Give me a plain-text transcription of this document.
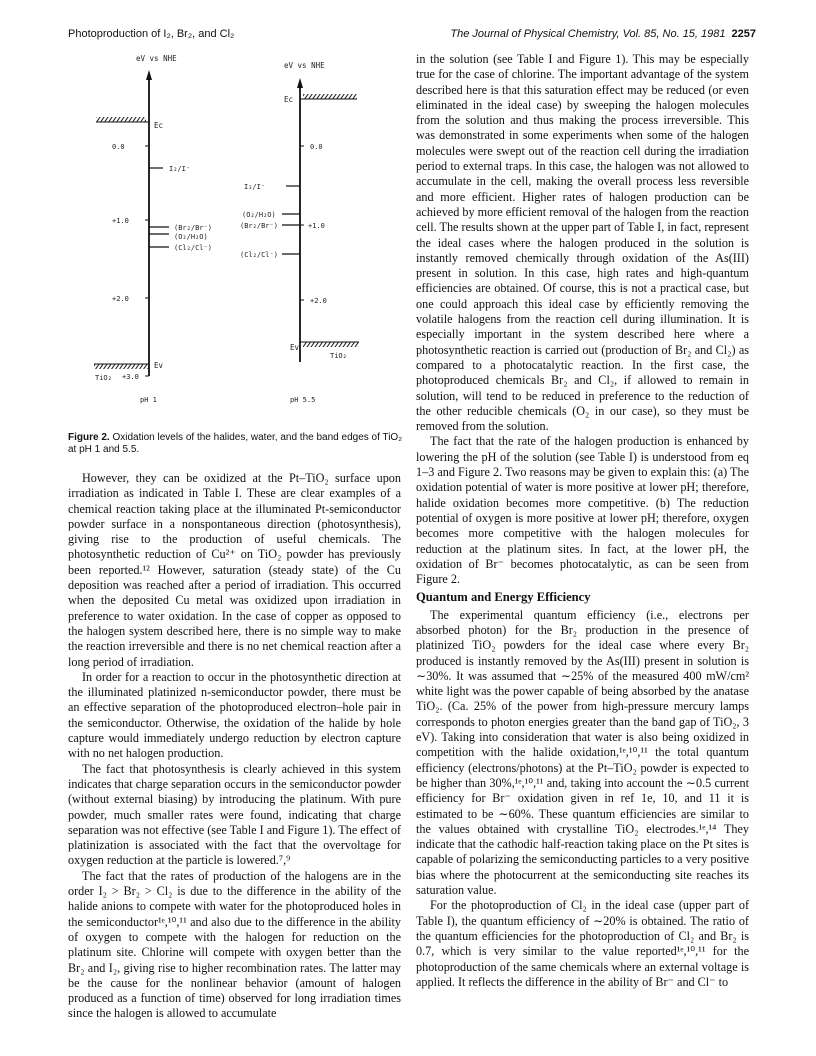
Photoproduction of I₂, Br₂, and Cl₂	The Journal of Physical Chemistry, Vol. 85, No. 15, 1981 2257
eV vs NHE
Ec
0.0
I₂/I⁻
+1.0
(Br₂/Br⁻)
(O₂/H₂O)
(Cl₂/Cl⁻)
+2.0
Ev
TiO₂ +3.0
pH 1
eV vs NHE
Ec
0.0
I₂/I⁻
(O₂/H₂O)
(Br₂/Br⁻)	+1.0
(Cl₂/Cl⁻)
+2.0
Ev
TiO₂
pH 5.5
Figure 2. Oxidation levels of the halides, water, and the band edges of TiO₂ at pH 1 and 5.5.

However, they can be oxidized at the Pt–TiO₂ surface upon irradiation as indicated in Table I. These are clear examples of a chemical reaction taking place at the illuminated Pt-semiconductor powder surface in a nonspontaneous direction (photosynthesis), giving rise to the production of useful chemicals. The photosynthetic reduction of Cu²⁺ on TiO₂ powder has previously been reported.¹² However, saturation (steady state) of the Cu deposition was reached after a period of irradiation. This occurred when the deposited Cu metal was oxidized upon irradiation in preference to water oxidation. In the case of copper as opposed to the halogen system described here, there is no simple way to make the reaction irreversible and there is no net chemical reaction after a long period of irradiation.

In order for a reaction to occur in the photosynthetic direction at the illuminated platinized n-semiconductor powder, there must be an effective separation of the photoproduced electron–hole pair in the semiconductor. Otherwise, the oxidation of the halide by hole capture would immediately undergo reduction by electron capture with no net halogen production.

The fact that photosynthesis is clearly achieved in this system indicates that charge separation occurs in the semiconductor powder (without external biasing) by introducing the platinum. With pure powder, much smaller rates were found, indicating that charge separation was not effective (see Table I and Figure 1). The effect of platinization is associated with the fact that the overvoltage for oxygen reduction at the particle is lowered.⁷,⁹

The fact that the rates of production of the halogens are in the order I₂ > Br₂ > Cl₂ is due to the difference in the ability of the halide anions to compete with water for the photoproduced holes in the semiconductor¹ᵉ,¹⁰,¹¹ and also due to the difference in the ability of oxygen to compete with the halogen for reduction on the platinum site. Chlorine will compete with oxygen better than the Br₂ and I₂, giving rise to higher recombination rates. The latter may be the cause for the nonlinear behavior (amount of halogen produced as a function of time) observed for long irradiation times since the halogen is allowed to accumulate

in the solution (see Table I and Figure 1). This may be especially true for the case of chlorine. The important advantage of the system described here is that this saturation effect may be reduced (or even eliminated in the ideal case) by sweeping the halogen molecules from the solution and thus making the process irreversible. This was demonstrated in some experiments when some of the halogen molecules were swept out of the reaction cell during the irradiation period to external traps. In this case, the halogen was not allowed to accumulate in the cell, making the overall process less reversible and more efficient. Higher rates of halogen production can be achieved by more efficient removal of the halogen from the reaction cell. The results shown at the upper part of Table I, in fact, represent the ideal cases where the halogen produced in the solution is instantly removed chemically through oxidation of the As(III) present in solution. In this case, high rates and high-quantum efficiencies are obtained. Of course, this is not a practical case, but one could approach this ideal case by efficiently removing the volatile halogens from the reaction cell during illumination. It is especially important in the system described here where a photosynthetic reaction is carried out (production of Br₂ and Cl₂) as compared to a photocatalytic reaction. In the first case, the photoproduced chemicals Br₂ and Cl₂, if allowed to remain in solution, will tend to be reduced in preference to the reduction of the other reducible chemicals (O₂ in our case), so they must be removed from the solution.

The fact that the rate of the halogen production is enhanced by lowering the pH of the solution (see Table I) is understood from eq 1–3 and Figure 2. Two reasons may be given to explain this: (a) The oxidation potential of water is more positive at lower pH; therefore, halide oxidation becomes more competitive. (b) The reduction potential of oxygen is more positive at lower pH; therefore, oxygen becomes more competitive with the halogen molecules for reduction at the platinum sites. In fact, at the lower pH, the oxidation of Br⁻ becomes photocatalytic, as can be seen from Figure 2.

Quantum and Energy Efficiency

The experimental quantum efficiency (i.e., electrons per absorbed photon) for the Br₂ production in the presence of platinized TiO₂ powders for the ideal case where every Br₂ produced is instantly removed by the As(III) present in solution is ∼30%. It was assumed that ∼25% of the measured 400 mW/cm² white light was the power capable of being absorbed by the anatase TiO₂. (Ca. 25% of the power from high-pressure mercury lamps corresponds to photon energies greater than the band gap of TiO₂, 3 eV). Taking into consideration that water is also being oxidized in competition with the halide oxidation,¹ᵉ,¹⁰,¹¹ the total quantum efficiency (electrons/photons) at the Pt–TiO₂ powder is expected to be higher than 30%,¹ᵉ,¹⁰,¹¹ and, taking into account the ∼0.5 current efficiency for Br⁻ oxidation given in ref 1e, 10, and 11 it is estimated to be ∼60%. These quantum efficiencies are similar to the values obtained with crystalline TiO₂ electrodes.¹ᵉ,¹⁴ They indicate that the cathodic half-reaction taking place on the Pt sites is capable of polarizing the semiconducting particles to a very positive bias where the photocurrent at the semiconducting site reaches its saturation value.

For the photoproduction of Cl₂ in the ideal case (upper part of Table I), the quantum efficiency of ∼20% is obtained. The ratio of the quantum efficiencies for the photoproduction of Cl₂ and Br₂ is 0.7, which is very similar to the value reported¹ᵉ,¹⁰,¹¹ for the photoproduction of the same chemicals where an external voltage is applied. It reflects the difference in the ability of Br⁻ and Cl⁻ to
